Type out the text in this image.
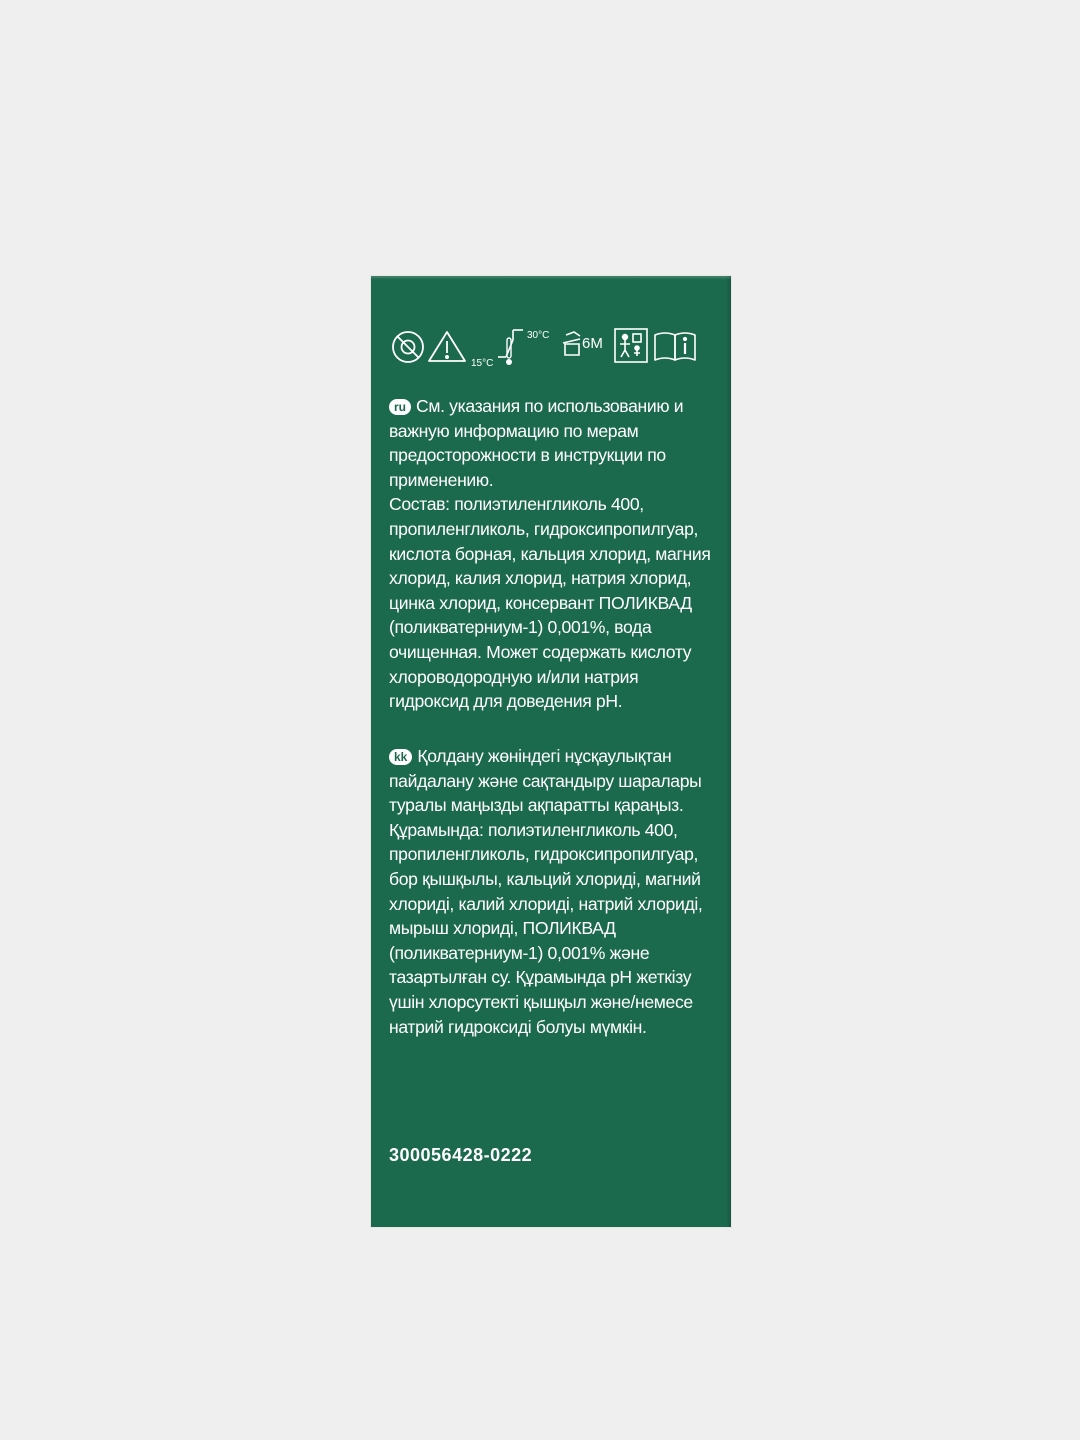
15°C
30°C 6M
ru См. указания по использованию и
важную информацию по мерам
предосторожности в инструкции по
применению.
Состав: полиэтиленгликоль 400,
пропиленгликоль, гидроксипропилгуар,
кислота борная, кальция хлорид, магния
хлорид, калия хлорид, натрия хлорид,
цинка хлорид, консервант ПОЛИКВАД
(поликватерниум-1) 0,001%, вода
очищенная. Может содержать кислоту
хлороводородную и/или натрия
гидроксид для доведения pH.
kk Қолдану жөніндегі нұсқаулықтан
пайдалану және сақтандыру шаралары
туралы маңызды ақпаратты қараңыз.
Құрамында: полиэтиленгликоль 400,
пропиленгликоль, гидроксипропилгуар,
бор қышқылы, кальций хлориді, магний
хлориді, калий хлориді, натрий хлориді,
мырыш хлориді, ПОЛИКВАД
(поликватерниум-1) 0,001% және
тазартылған су. Құрамында pH жеткізу
үшін хлорсутекті қышқыл және/немесе
натрий гидроксиді болуы мүмкін.
300056428-0222
